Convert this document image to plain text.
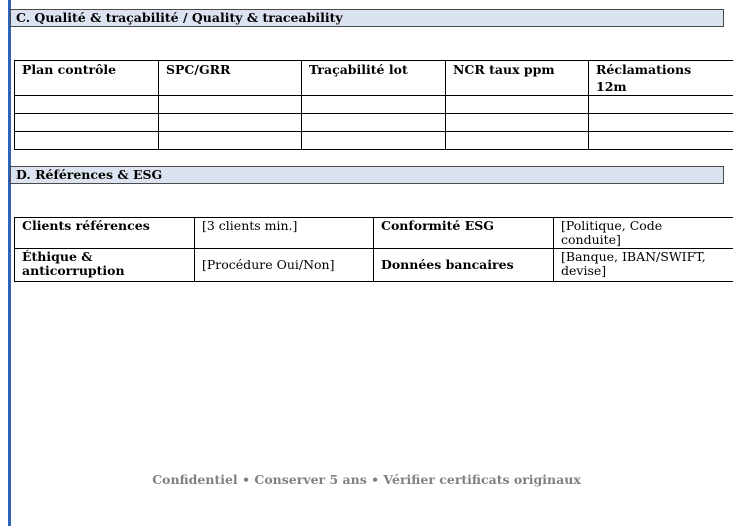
C. Qualité & traçabilité / Quality & traceability
Plan contrôle	SPC/GRR	Traçabilité lot	NCR taux ppm	Réclamations 12m

D. Références & ESG
Clients références	[3 clients min.]	Conformité ESG	[Politique, Code conduite]
Éthique & anticorruption	[Procédure Oui/Non]	Données bancaires	[Banque, IBAN/SWIFT, devise]
Confidentiel • Conserver 5 ans • Vérifier certificats originaux
